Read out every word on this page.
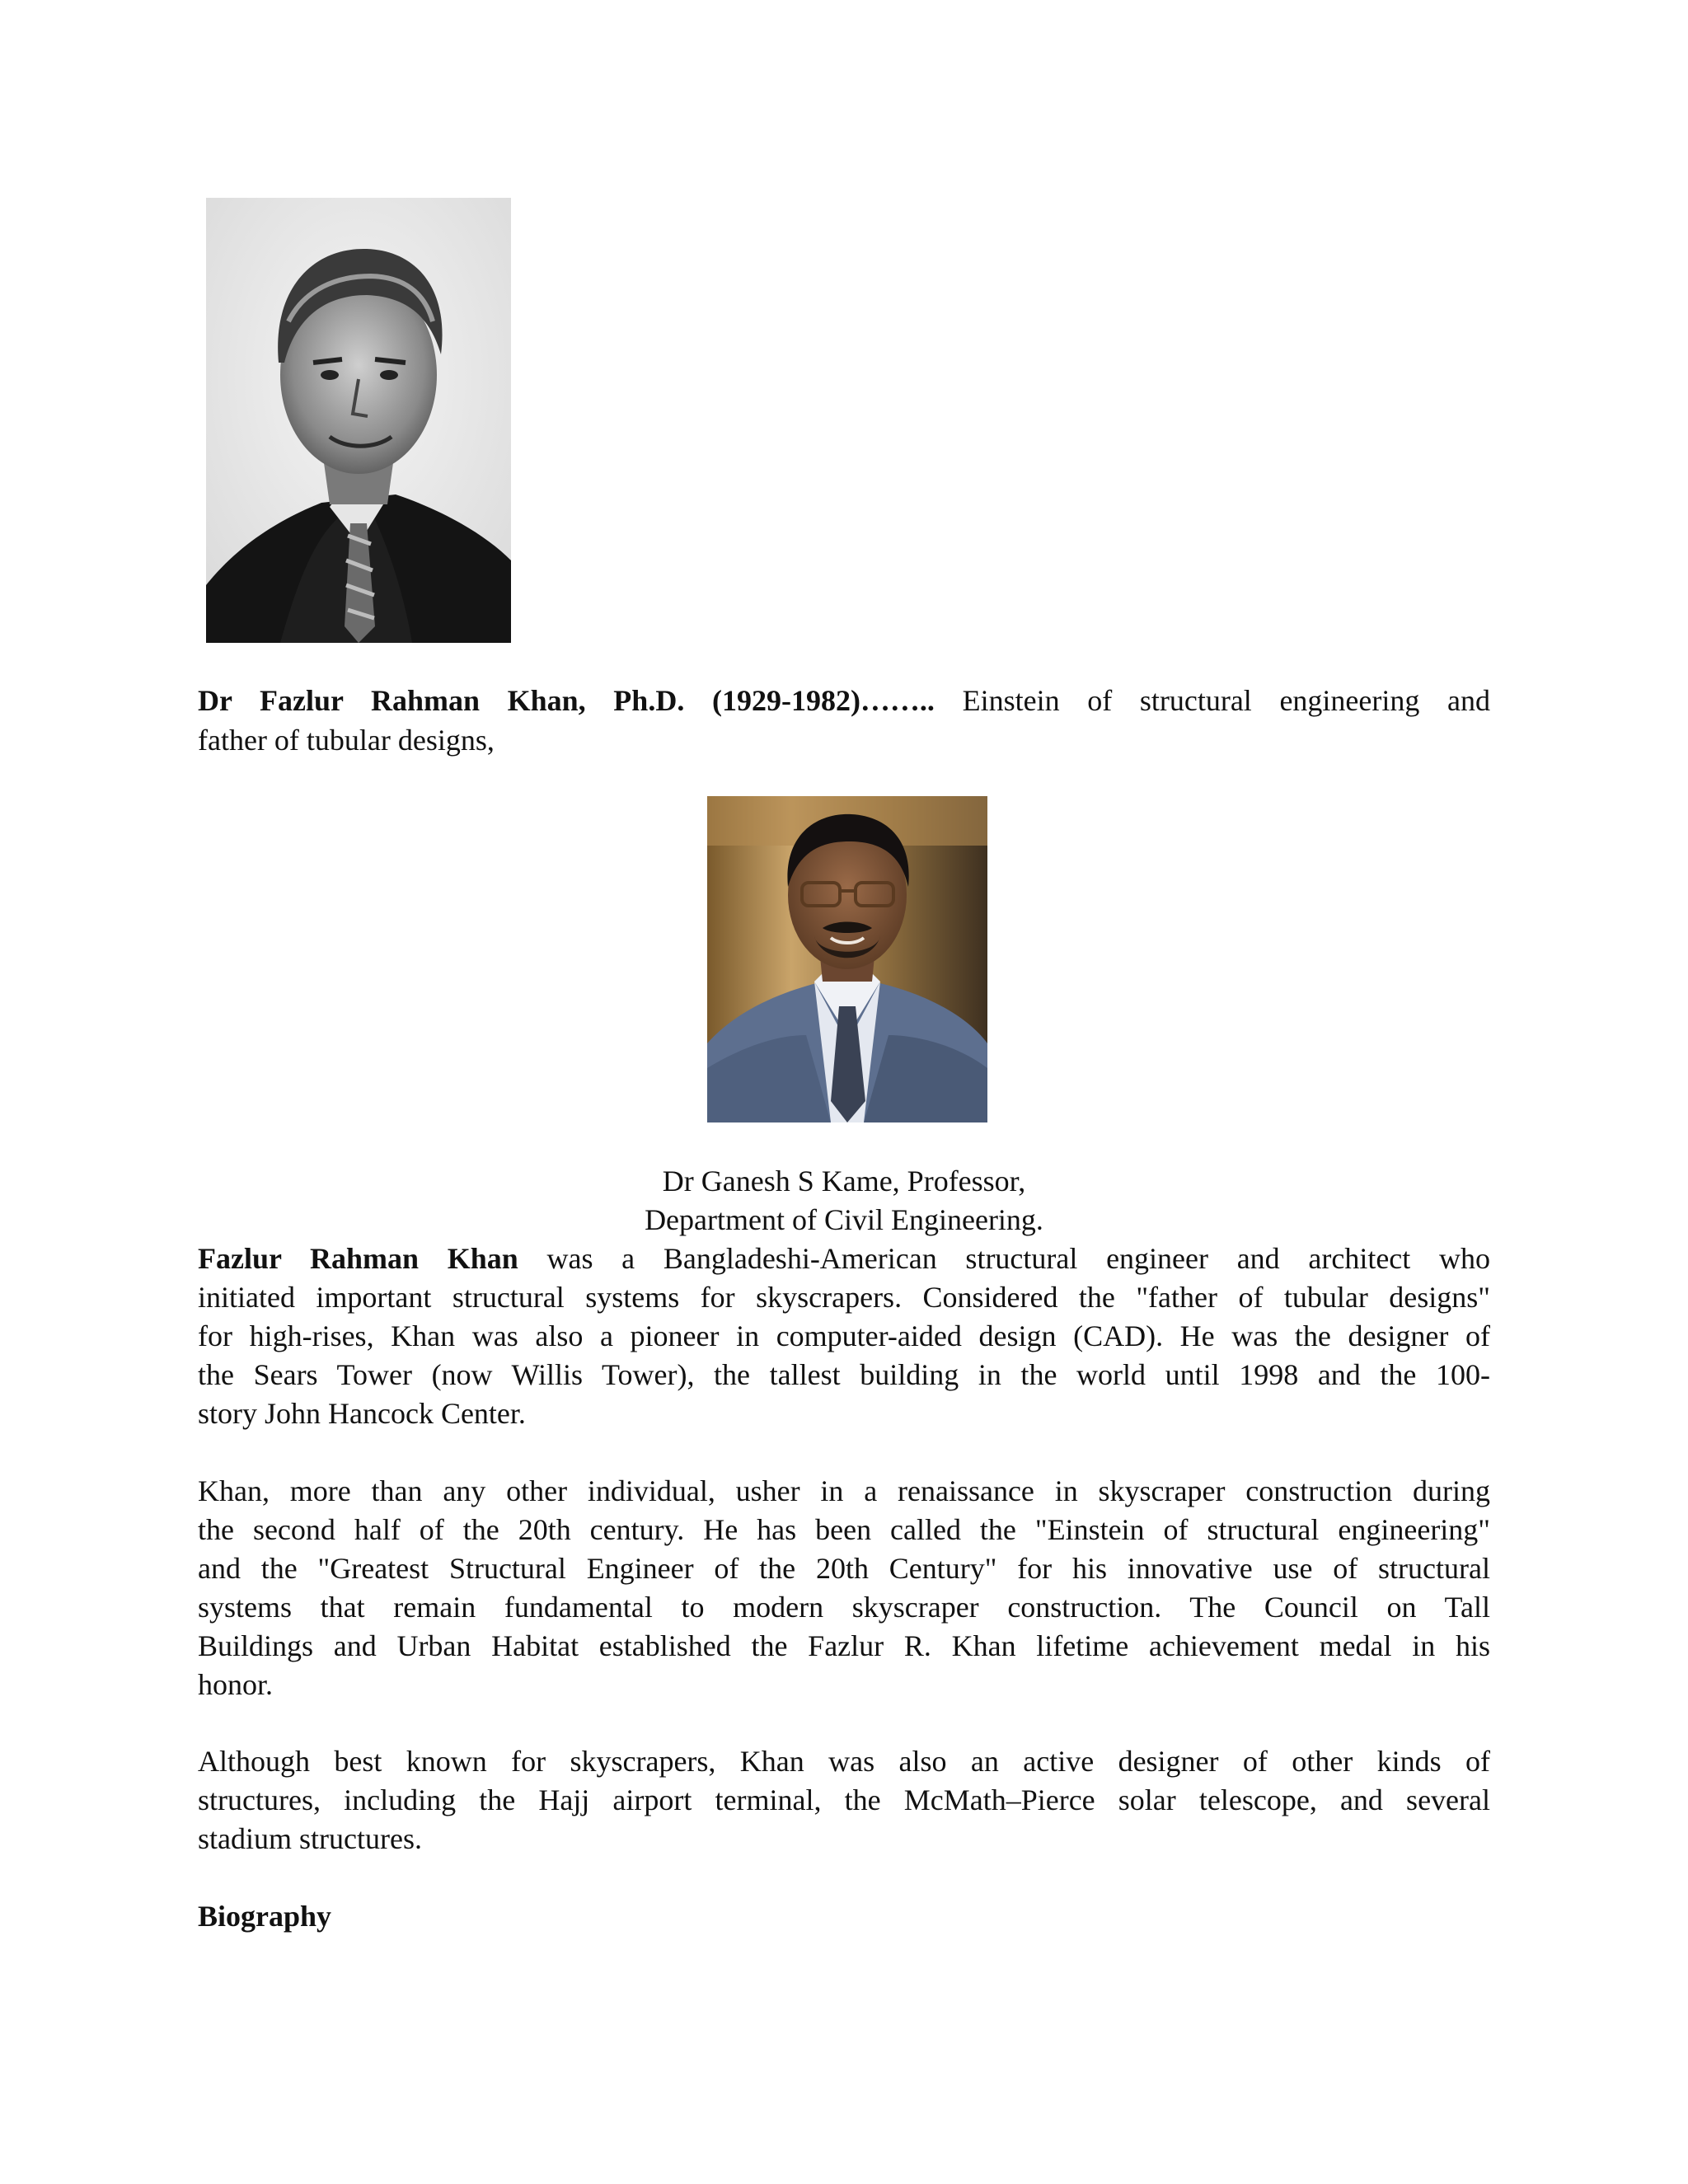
Dr Fazlur Rahman Khan, Ph.D. (1929-1982)…….. Einstein of structural engineering and

father of tubular designs,

Dr Ganesh S Kame, Professor,

Department of Civil Engineering.

Fazlur Rahman Khan was a Bangladeshi-American structural engineer and architect who
initiated important structural systems for skyscrapers. Considered the "father of tubular designs"
for high-rises, Khan was also a pioneer in computer-aided design (CAD). He was the designer of
the Sears Tower (now Willis Tower), the tallest building in the world until 1998 and the 100-
story John Hancock Center.
Khan, more than any other individual, usher in a renaissance in skyscraper construction during
the second half of the 20th century. He has been called the "Einstein of structural engineering"
and the "Greatest Structural Engineer of the 20th Century" for his innovative use of structural
systems that remain fundamental to modern skyscraper construction. The Council on Tall
Buildings and Urban Habitat established the Fazlur R. Khan lifetime achievement medal in his
honor.
Although best known for skyscrapers, Khan was also an active designer of other kinds of
structures, including the Hajj airport terminal, the McMath–Pierce solar telescope, and several
stadium structures.

Biography
